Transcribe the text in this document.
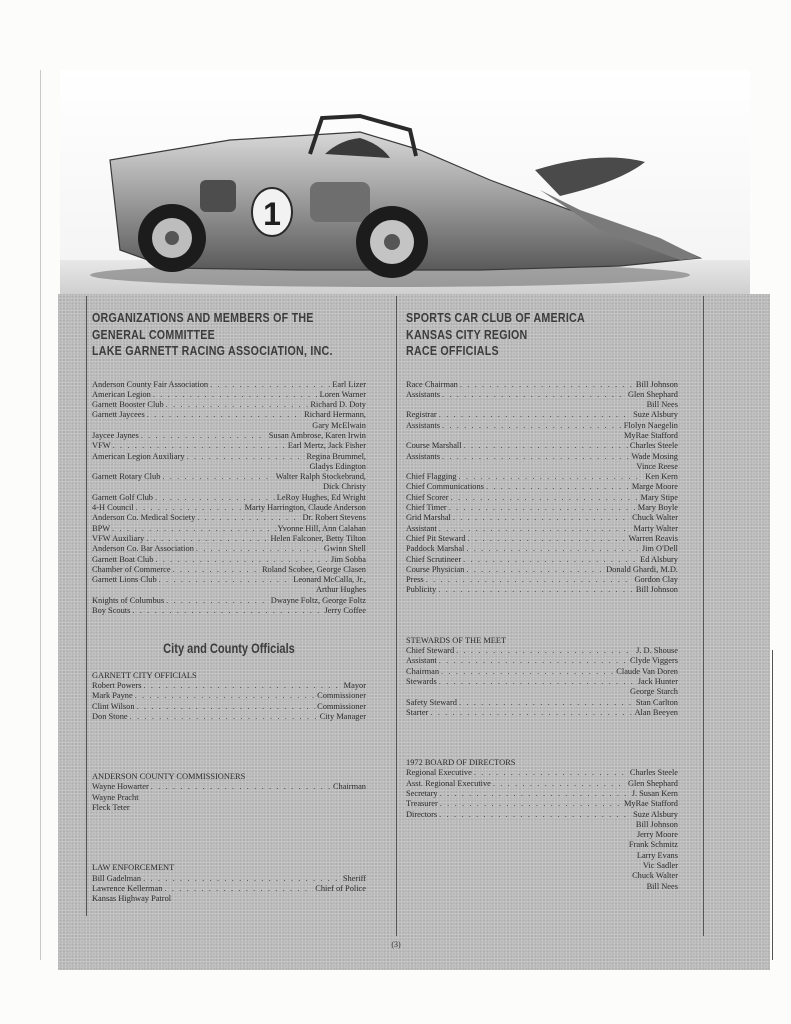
1
ORGANIZATIONS AND MEMBERS OF THE
GENERAL COMMITTEE
LAKE GARNETT RACING ASSOCIATION, INC.
Anderson County Fair Association . . .	Earl Lizer
American Legion . . .	Loren Warner
Garnett Booster Club . . .	Richard D. Doty
Garnett Jaycees . . .	Richard Hermann,
Gary McElwain
Jaycee Jaynes . . .	Susan Ambrose, Karen Irwin
VFW . . .	Earl Mertz, Jack Fisher
American Legion Auxiliary . . .	Regina Brummel,
Gladys Edington
Garnett Rotary Club . . .	Walter Ralph Stockebrand,
Dick Christy
Garnett Golf Club . . .	LeRoy Hughes, Ed Wright
4-H Council . . .	Marty Harrington, Claude Anderson
Anderson Co. Medical Society . . .	Dr. Robert Stevens
BPW . . .	Yvonne Hill, Ann Calahan
VFW Auxiliary . . .	Helen Falconer, Betty Tilton
Anderson Co. Bar Association . . .	Gwinn Shell
Garnett Boat Club . . .	Jim Sobba
Chamber of Commerce . . .	Roland Scobee, George Clasen
Garnett Lions Club . . .	Leonard McCalla, Jr.,
Arthur Hughes
Knights of Columbus . . .	Dwayne Foltz, George Foltz
Boy Scouts . . .	Jerry Coffee
City and County Officials
GARNETT CITY OFFICIALS
Robert Powers . . .	Mayor
Mark Payne . . .	Commissioner
Clint Wilson . . .	Commissioner
Don Stone . . .	City Manager
ANDERSON COUNTY COMMISSIONERS
Wayne Howarter . . .	Chairman
Wayne Pracht
Fleck Teter
LAW ENFORCEMENT
Bill Gadelman . . .	Sheriff
Lawrence Kellerman . . .	Chief of Police
Kansas Highway Patrol
SPORTS CAR CLUB OF AMERICA
KANSAS CITY REGION
RACE OFFICIALS
Race Chairman . . .	Bill Johnson
Assistants . . .	Glen Shephard
Bill Nees
Registrar . . .	Suze Alsbury
Assistants . . .	Flolyn Naegelin
MyRae Stafford
Course Marshall . . .	Charles Steele
Assistants . . .	Wade Mosing
Vince Reese
Chief Flagging . . .	Ken Kern
Chief Communications . . .	Marge Moore
Chief Scorer . . .	Mary Stipe
Chief Timer . . .	Mary Boyle
Grid Marshal . . .	Chuck Walter
Assistant . . .	Marty Walter
Chief Pit Steward . . .	Warren Reavis
Paddock Marshal . . .	Jim O'Dell
Chief Scrutineer . . .	Ed Alsbury
Course Physician . . .	Donald Ghardi, M.D.
Press . . .	Gordon Clay
Publicity . . .	Bill Johnson
STEWARDS OF THE MEET
Chief Steward . . .	J. D. Shouse
Assistant . . .	Clyde Viggers
Chairman . . .	Claude Van Doren
Stewards . . .	Jack Hunter
George Starch
Safety Steward . . .	Stan Carlton
Starter . . .	Alan Beeyen
1972 BOARD OF DIRECTORS
Regional Executive . . .	Charles Steele
Asst. Regional Executive . . .	Glen Shephard
Secretary . . .	J. Susan Kern
Treasurer . . .	MyRae Stafford
Directors . . .	Suze Alsbury
Bill Johnson
Jerry Moore
Frank Schmitz
Larry Evans
Vic Sadler
Chuck Walter
Bill Nees
(3)
